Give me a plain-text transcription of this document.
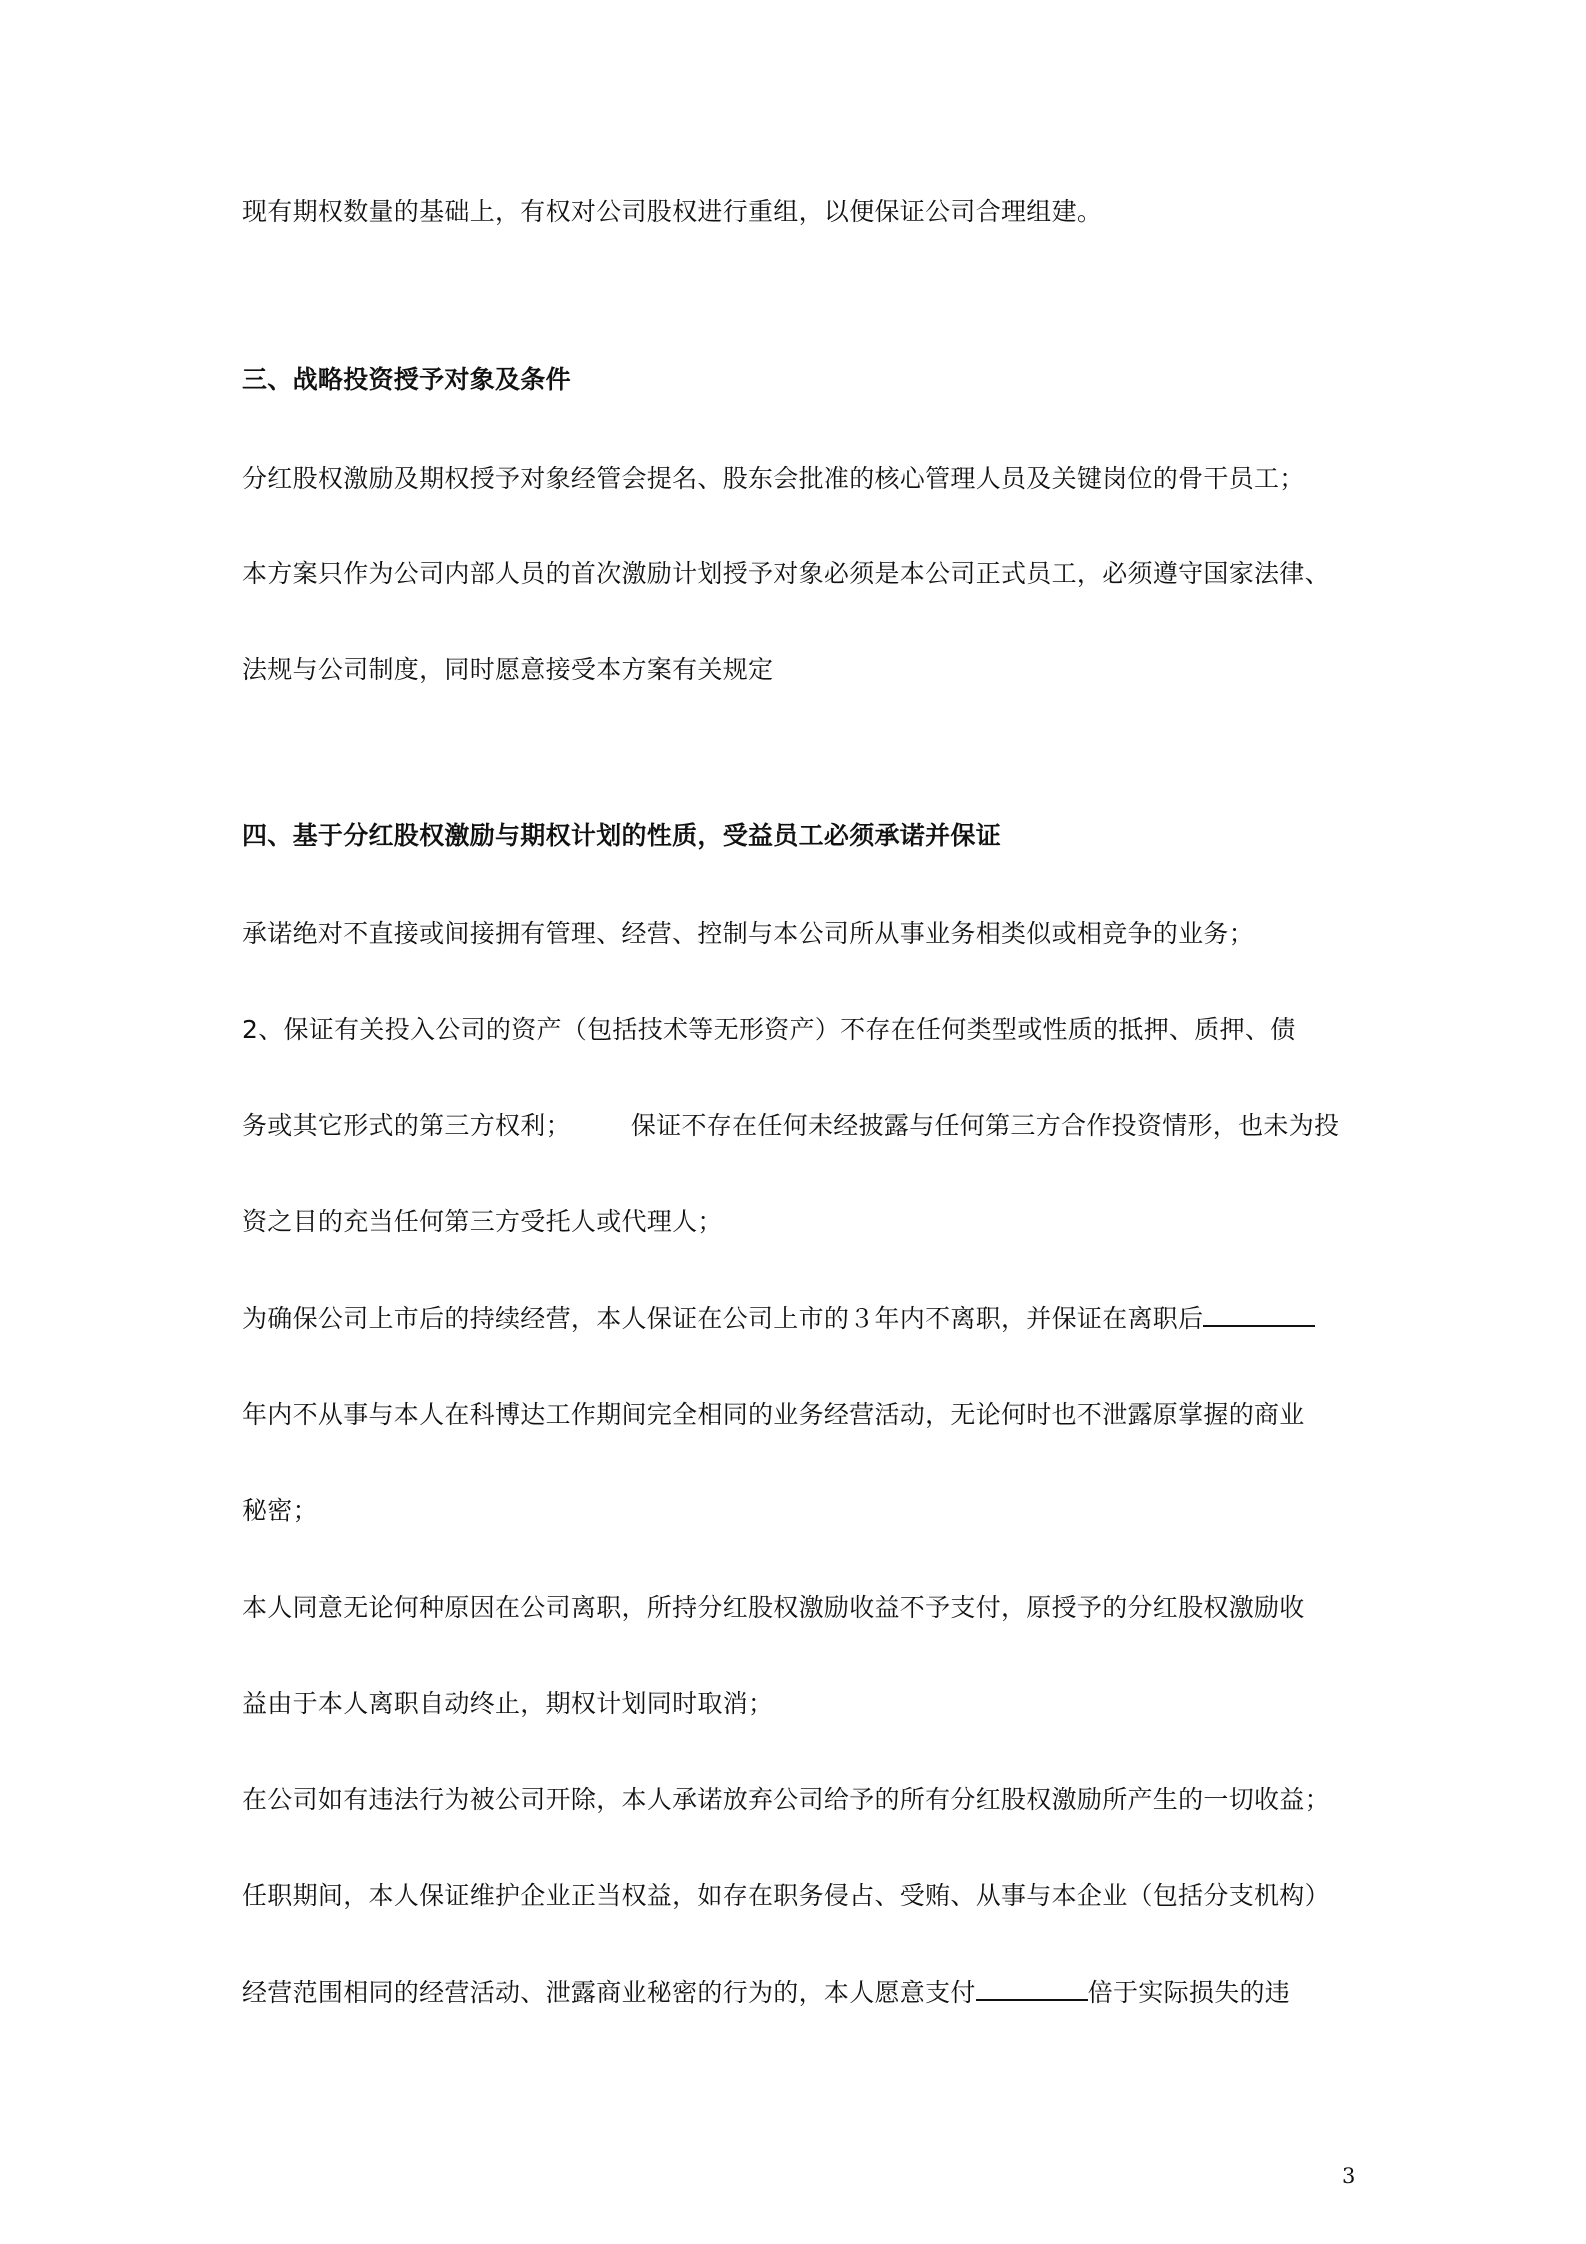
现有期权数量的基础上，有权对公司股权进行重组，以便保证公司合理组建。
三、战略投资授予对象及条件
分红股权激励及期权授予对象经管会提名、股东会批准的核心管理人员及关键岗位的骨干员工；
本方案只作为公司内部人员的首次激励计划授予对象必须是本公司正式员工，必须遵守国家法律、
法规与公司制度，同时愿意接受本方案有关规定
四、基于分红股权激励与期权计划的性质，受益员工必须承诺并保证
承诺绝对不直接或间接拥有管理、经营、控制与本公司所从事业务相类似或相竞争的业务；
2、保证有关投入公司的资产（包括技术等无形资产）不存在任何类型或性质的抵押、质押、债
务或其它形式的第三方权利； 保证不存在任何未经披露与任何第三方合作投资情形，也未为投
资之目的充当任何第三方受托人或代理人；
为确保公司上市后的持续经营，本人保证在公司上市的３年内不离职，并保证在离职后
年内不从事与本人在科博达工作期间完全相同的业务经营活动，无论何时也不泄露原掌握的商业
秘密；
本人同意无论何种原因在公司离职，所持分红股权激励收益不予支付，原授予的分红股权激励收
益由于本人离职自动终止，期权计划同时取消；
在公司如有违法行为被公司开除，本人承诺放弃公司给予的所有分红股权激励所产生的一切收益；
任职期间，本人保证维护企业正当权益，如存在职务侵占、受贿、从事与本企业（包括分支机构）
经营范围相同的经营活动、泄露商业秘密的行为的，本人愿意支付	倍于实际损失的违
3
